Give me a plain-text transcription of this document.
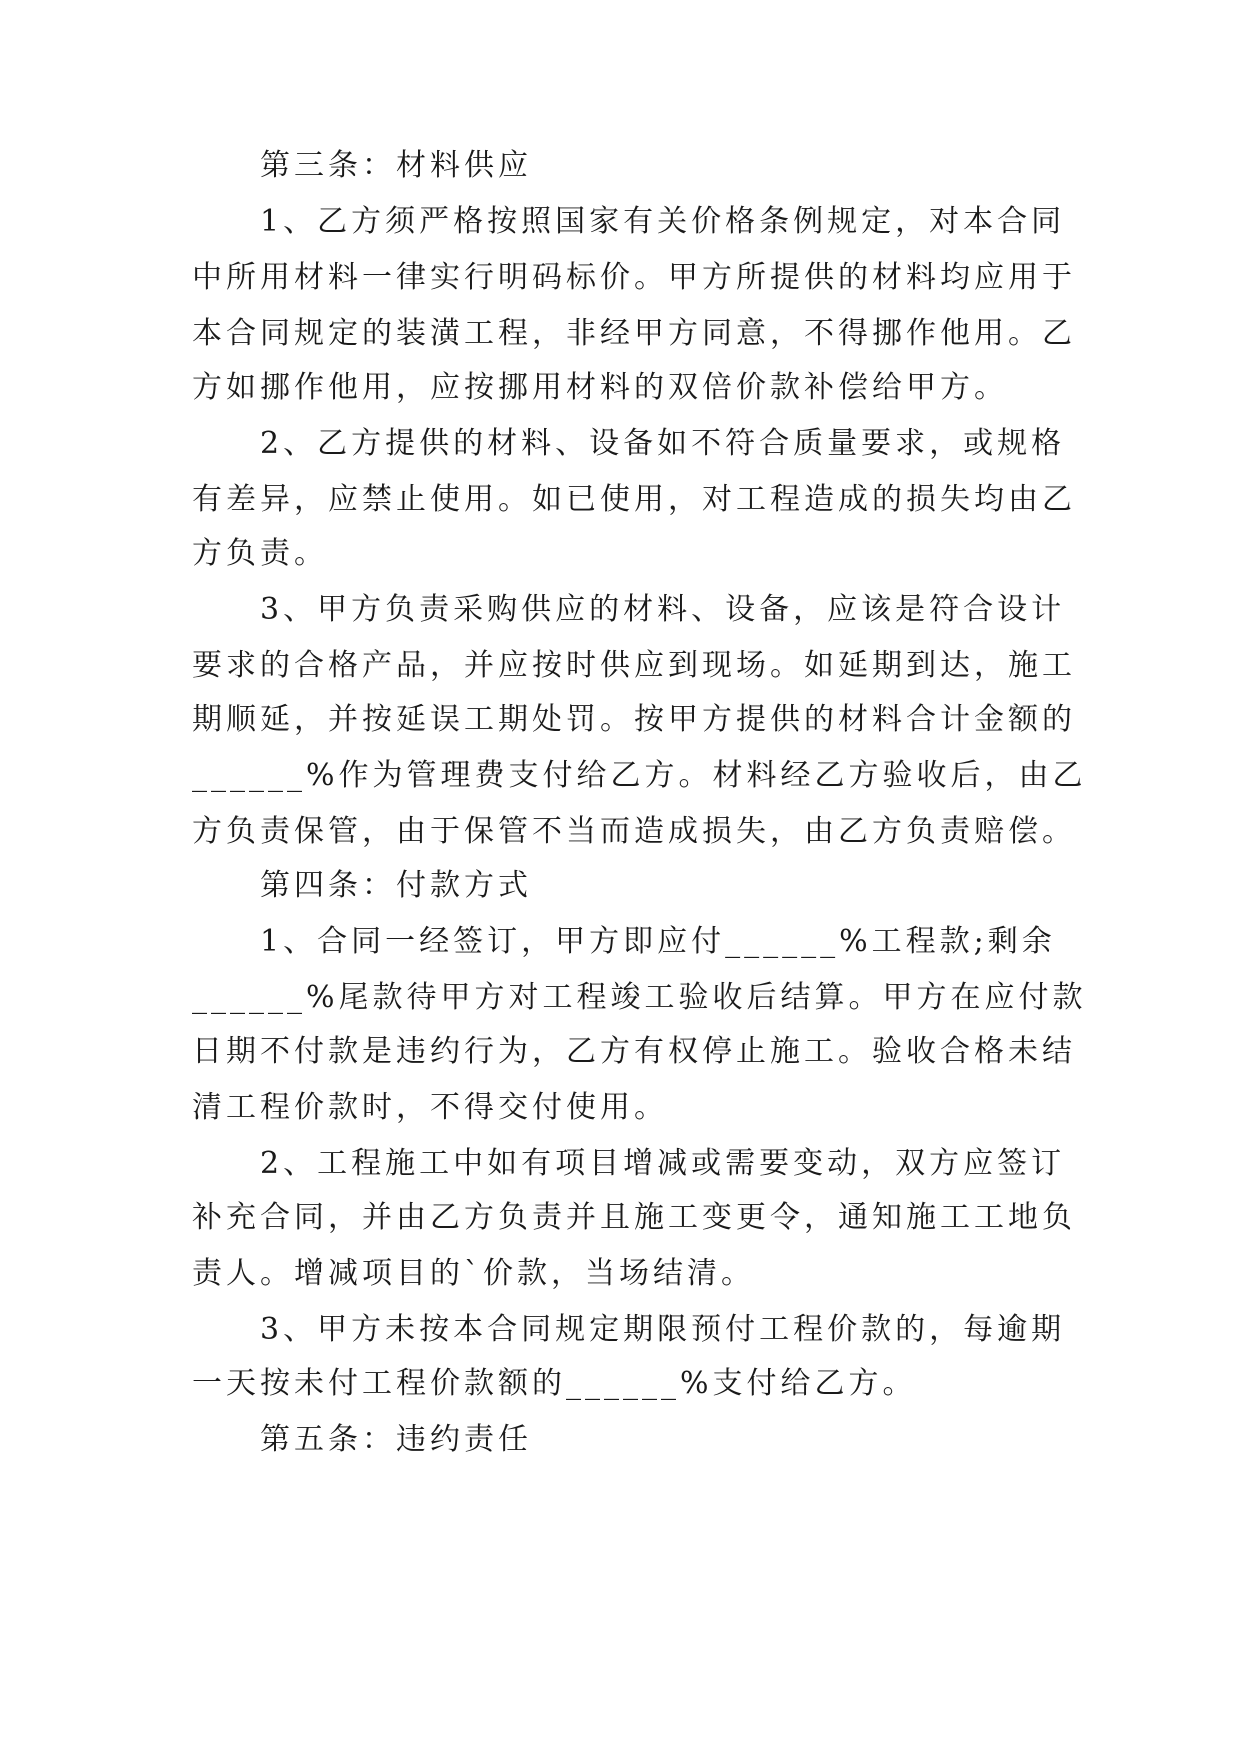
　　第三条：材料供应
　　1、乙方须严格按照国家有关价格条例规定，对本合同
中所用材料一律实行明码标价。甲方所提供的材料均应用于
本合同规定的装潢工程，非经甲方同意，不得挪作他用。乙
方如挪作他用，应按挪用材料的双倍价款补偿给甲方。
　　2、乙方提供的材料、设备如不符合质量要求，或规格
有差异，应禁止使用。如已使用，对工程造成的损失均由乙
方负责。
　　3、甲方负责采购供应的材料、设备，应该是符合设计
要求的合格产品，并应按时供应到现场。如延期到达，施工
期顺延，并按延误工期处罚。按甲方提供的材料合计金额的
______%作为管理费支付给乙方。材料经乙方验收后，由乙
方负责保管，由于保管不当而造成损失，由乙方负责赔偿。
　　第四条：付款方式
　　1、合同一经签订，甲方即应付______%工程款;剩余
______%尾款待甲方对工程竣工验收后结算。甲方在应付款
日期不付款是违约行为，乙方有权停止施工。验收合格未结
清工程价款时，不得交付使用。
　　2、工程施工中如有项目增减或需要变动，双方应签订
补充合同，并由乙方负责并且施工变更令，通知施工工地负
责人。增减项目的`价款，当场结清。
　　3、甲方未按本合同规定期限预付工程价款的，每逾期
一天按未付工程价款额的______%支付给乙方。
　　第五条：违约责任
